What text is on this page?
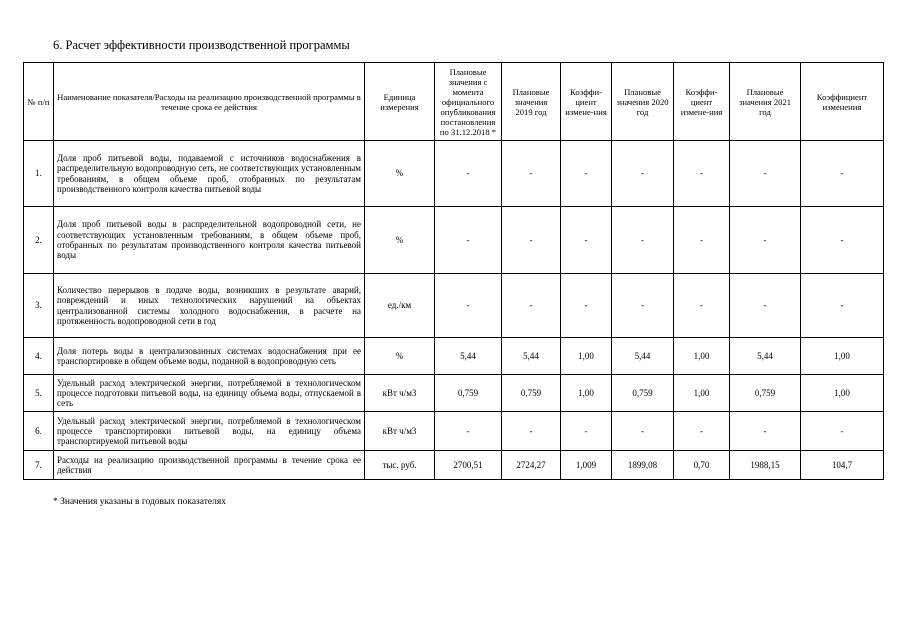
6. Расчет эффективности производственной программы
№ п/п	Наименование показателя/Расходы на реализацию производственной программы в течение срока ее действия	Единица измерения	Плановые значения с момента официального опубликования постановления по 31.12.2018 *	Плановые значения 2019 год	Коэффи-циент измене-ния	Плановые значения 2020 год	Коэффи-циент измене-ния	Плановые значения 2021 год	Коэффициент изменения
1.	Доля проб питьевой воды, подаваемой с источников водоснабжения в распределительную водопроводную сеть, не соответствующих установленным требованиям, в общем объеме проб, отобранных по результатам производственного контроля качества питьевой воды	%	-	-	-	-	-	-	-
2.	Доля проб питьевой воды в распределительной водопроводной сети, не соответствующих установленным требованиям, в общем объеме проб, отобранных по результатам производственного контроля качества питьевой воды	%	-	-	-	-	-	-	-
3.	Количество перерывов в подаче воды, возникших в результате аварий, повреждений и иных технологических нарушений на объектах централизованной системы холодного водоснабжения, в расчете на протяженность водопроводной сети в год	ед./км	-	-	-	-	-	-	-
4.	Доля потерь воды в централизованных системах водоснабжения при ее транспортировке в общем объеме воды, поданной в водопроводную сеть	%	5,44	5,44	1,00	5,44	1,00	5,44	1,00
5.	Удельный расход электрической энергии, потребляемой в технологическом процессе подготовки питьевой воды, на единицу объема воды, отпускаемой в сеть	кВт ч/м3	0,759	0,759	1,00	0,759	1,00	0,759	1,00
6.	Удельный расход электрической энергии, потребляемой в технологическом процессе транспортировки питьевой воды, на единицу объема транспортируемой питьевой воды	кВт ч/м3	-	-	-	-	-	-	-
7.	Расходы на реализацию производственной программы в течение срока ее действия	тыс. руб.	2700,51	2724,27	1,009	1899,08	0,70	1988,15	104,7
* Значения указаны в годовых показателях
